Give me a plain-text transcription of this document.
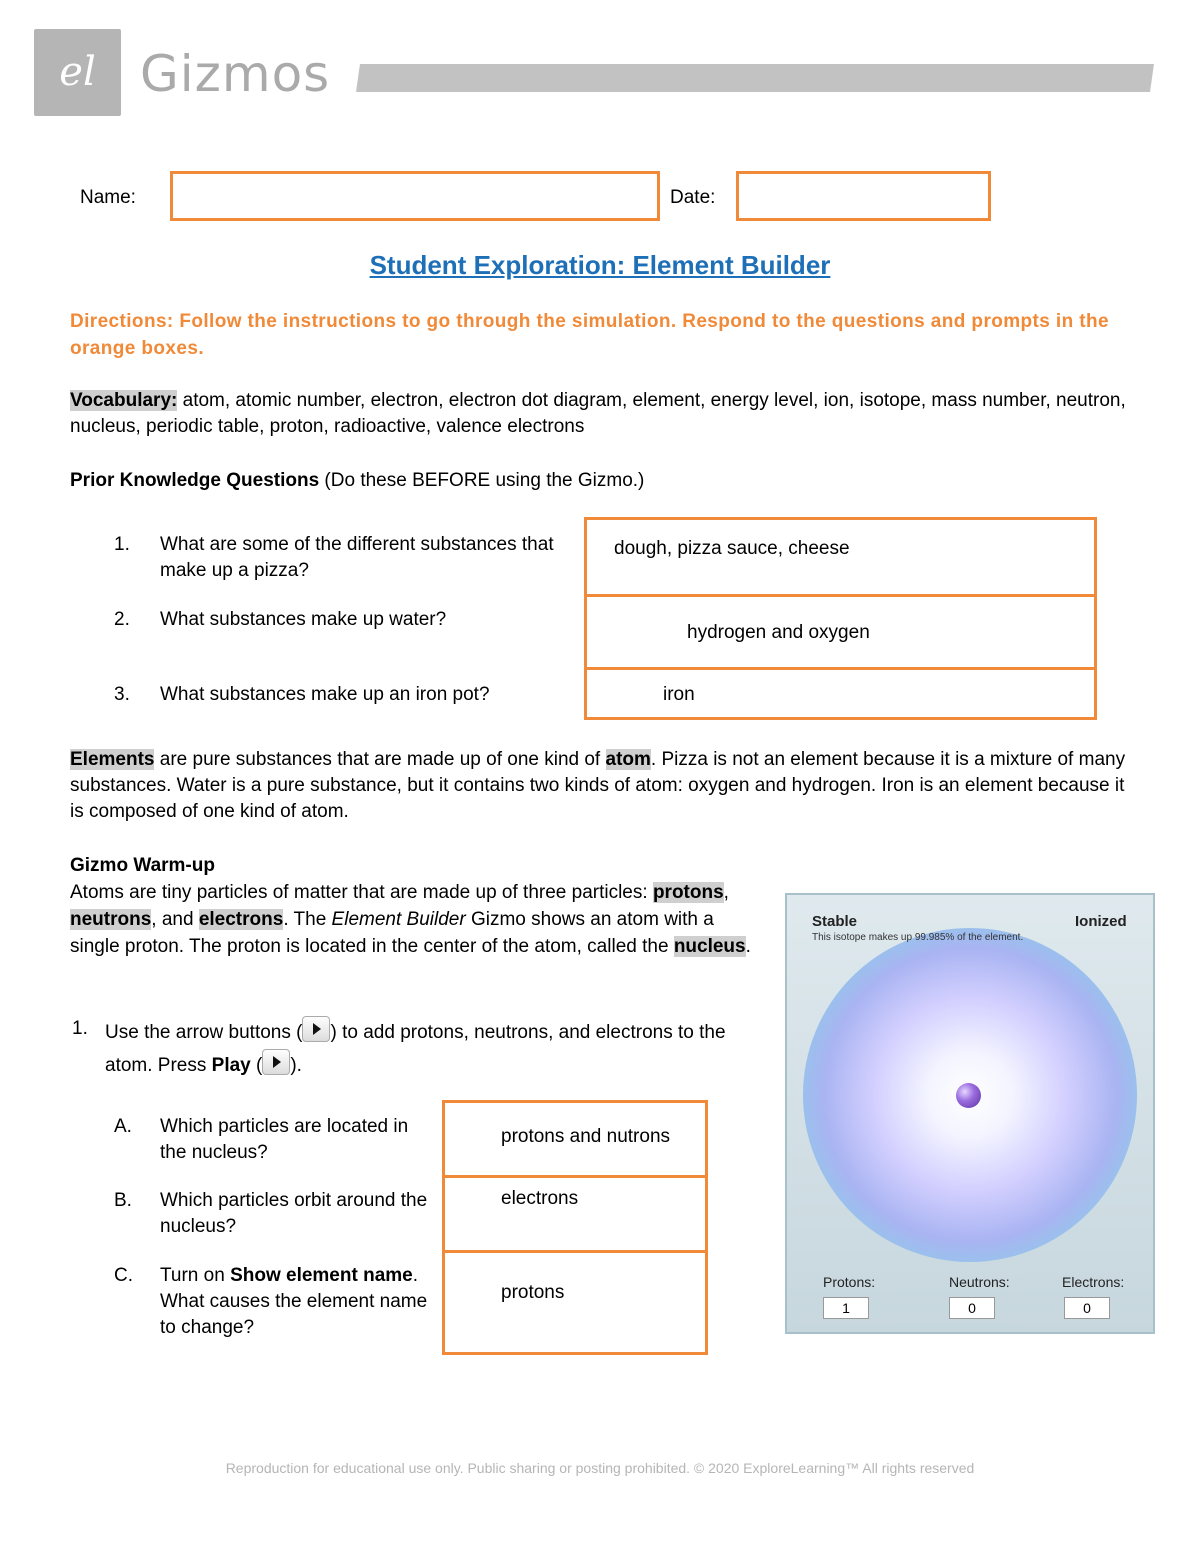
el Gizmos
Name:	Date:
Student Exploration: Element Builder
Directions: Follow the instructions to go through the simulation. Respond to the questions and prompts in the orange boxes.
Vocabulary: atom, atomic number, electron, electron dot diagram, element, energy level, ion, isotope, mass number, neutron, nucleus, periodic table, proton, radioactive, valence electrons
Prior Knowledge Questions (Do these BEFORE using the Gizmo.)
1. What are some of the different substances that make up a pizza?
2. What substances make up water?
3. What substances make up an iron pot?
dough, pizza sauce, cheese
hydrogen and oxygen
iron
Elements are pure substances that are made up of one kind of atom. Pizza is not an element because it is a mixture of many substances. Water is a pure substance, but it contains two kinds of atom: oxygen and hydrogen. Iron is an element because it is composed of one kind of atom.
Gizmo Warm-up
Atoms are tiny particles of matter that are made up of three particles: protons, neutrons, and electrons. The Element Builder Gizmo shows an atom with a single proton. The proton is located in the center of the atom, called the nucleus.
1. Use the arrow buttons ( ) to add protons, neutrons, and electrons to the atom. Press Play ( ).
A. Which particles are located in the nucleus?
B. Which particles orbit around the nucleus?
C. Turn on Show element name. What causes the element name to change?
protons and nutrons
electrons
protons
Stable	Ionized
This isotope makes up 99.985% of the element.
Protons:
1
Neutrons:
0
Electrons:
0
Reproduction for educational use only. Public sharing or posting prohibited. © 2020 ExploreLearning™ All rights reserved
